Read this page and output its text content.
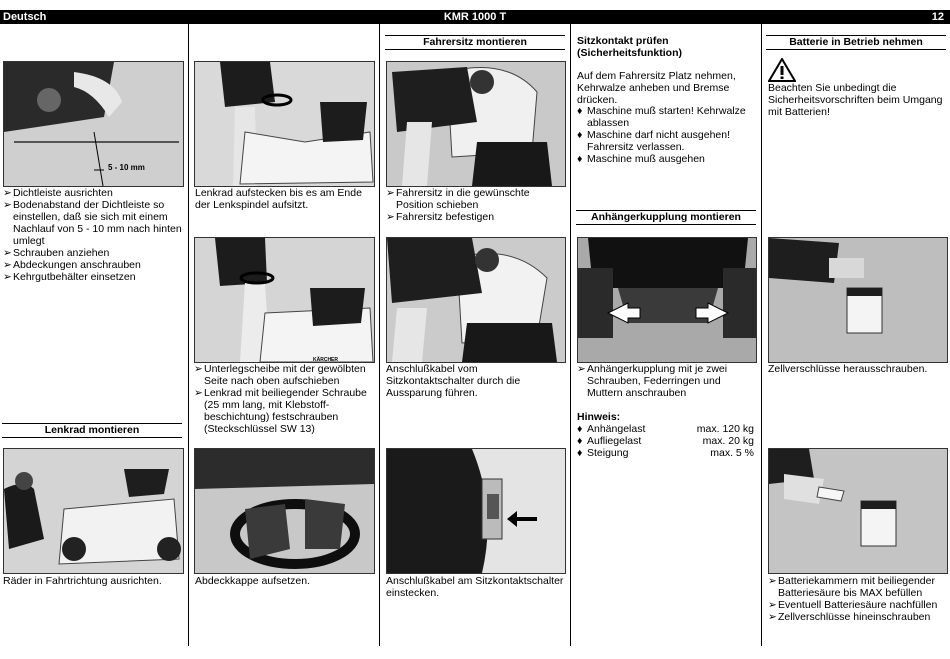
Deutsch	KMR 1000 T	12
5 - 10 mm
➢ Dichtleiste ausrichten
➢ Bodenabstand der Dichtleiste so einstellen, daß sie sich mit einem Nachlauf von 5 - 10 mm nach hinten umlegt
➢ Schrauben anziehen
➢ Abdeckungen anschrauben
➢ Kehrgutbehälter einsetzen
Lenkrad montieren
Räder in Fahrtrichtung ausrichten.
Lenkrad aufstecken bis es am Ende der Lenkspindel aufsitzt.
KÄRCHER
➢ Unterlegscheibe mit der gewölbten Seite nach oben aufschieben
➢ Lenkrad mit beiliegender Schraube (25 mm lang, mit Klebstoff-beschichtung) festschrauben (Steckschlüssel SW 13)
Abdeckkappe aufsetzen.
Fahrersitz montieren
➢ Fahrersitz in die gewünschte Position schieben
➢ Fahrersitz befestigen
Anschlußkabel vom Sitzkontaktschalter durch die Aussparung führen.
Anschlußkabel am Sitzkontaktschalter einstecken.
Sitzkontakt prüfen (Sicherheitsfunktion)
Auf dem Fahrersitz Platz nehmen, Kehrwalze anheben und Bremse drücken.
♦ Maschine muß starten! Kehrwalze ablassen
♦ Maschine darf nicht ausgehen! Fahrersitz verlassen.
♦ Maschine muß ausgehen
Anhängerkupplung montieren
➢ Anhängerkupplung mit je zwei Schrauben, Federringen und Muttern anschrauben
Hinweis:
♦ Anhängelast	max. 120 kg
♦ Aufliegelast	max. 20 kg
♦ Steigung	max. 5 %
Batterie in Betrieb nehmen
Beachten Sie unbedingt die Sicherheitsvorschriften beim Umgang mit Batterien!
Zellverschlüsse herausschrauben.
➢ Batteriekammern mit beiliegender Batteriesäure bis MAX befüllen
➢ Eventuell Batteriesäure nachfüllen
➢ Zellverschlüsse hineinschrauben
